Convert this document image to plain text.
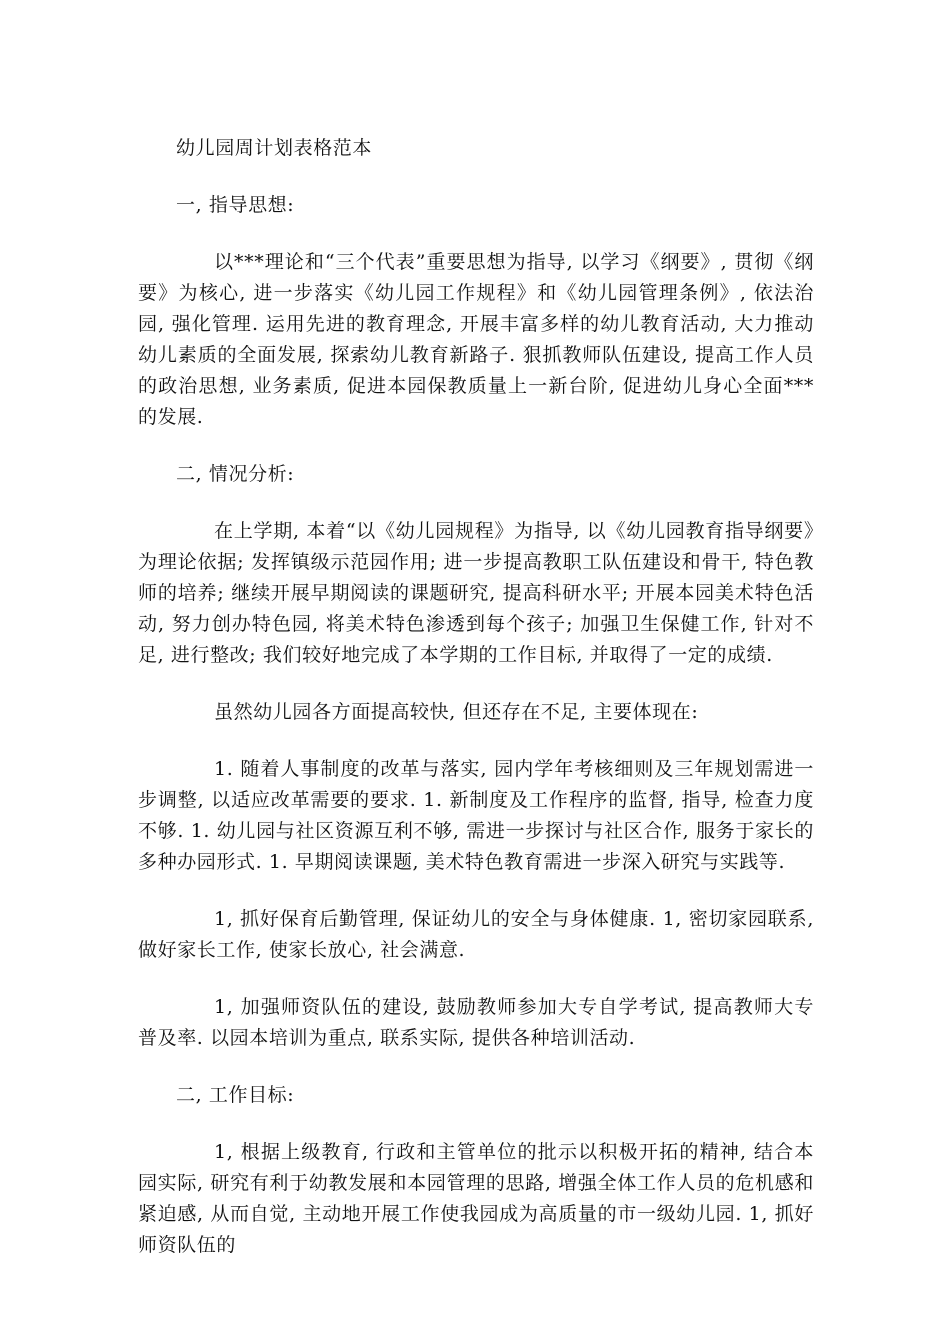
幼儿园周计划表格范本

一, 指导思想:

以***理论和“三个代表”重要思想为指导, 以学习《纲要》, 贯彻《纲要》为核心, 进一步落实《幼儿园工作规程》和《幼儿园管理条例》, 依法治园, 强化管理. 运用先进的教育理念, 开展丰富多样的幼儿教育活动, 大力推动幼儿素质的全面发展, 探索幼儿教育新路子. 狠抓教师队伍建设, 提高工作人员的政治思想, 业务素质, 促进本园保教质量上一新台阶, 促进幼儿身心全面***的发展.

二, 情况分析:

在上学期, 本着“以《幼儿园规程》为指导, 以《幼儿园教育指导纲要》为理论依据; 发挥镇级示范园作用; 进一步提高教职工队伍建设和骨干, 特色教师的培养; 继续开展早期阅读的课题研究, 提高科研水平; 开展本园美术特色活动, 努力创办特色园, 将美术特色渗透到每个孩子; 加强卫生保健工作, 针对不足, 进行整改; 我们较好地完成了本学期的工作目标, 并取得了一定的成绩.

虽然幼儿园各方面提高较快, 但还存在不足, 主要体现在:

1. 随着人事制度的改革与落实, 园内学年考核细则及三年规划需进一步调整, 以适应改革需要的要求. 1. 新制度及工作程序的监督, 指导, 检查力度不够. 1. 幼儿园与社区资源互利不够, 需进一步探讨与社区合作, 服务于家长的多种办园形式. 1. 早期阅读课题, 美术特色教育需进一步深入研究与实践等.

1, 抓好保育后勤管理, 保证幼儿的安全与身体健康. 1, 密切家园联系, 做好家长工作, 使家长放心, 社会满意.

1, 加强师资队伍的建设, 鼓励教师参加大专自学考试, 提高教师大专普及率. 以园本培训为重点, 联系实际, 提供各种培训活动.

二, 工作目标:

1, 根据上级教育, 行政和主管单位的批示以积极开拓的精神, 结合本园实际, 研究有利于幼教发展和本园管理的思路, 增强全体工作人员的危机感和紧迫感, 从而自觉, 主动地开展工作使我园成为高质量的市一级幼儿园. 1, 抓好师资队伍的
